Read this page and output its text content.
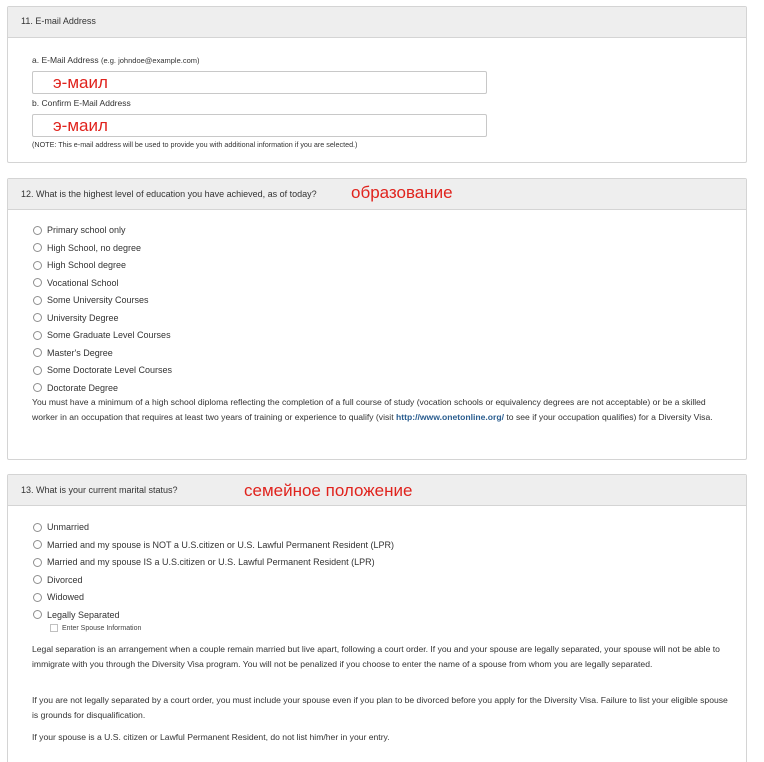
11. E-mail Address
a. E-Mail Address (e.g. johndoe@example.com)
э-маил
b. Confirm E-Mail Address
э-маил
(NOTE: This e-mail address will be used to provide you with additional information if you are selected.)
12. What is the highest level of education you have achieved, as of today? образование
Primary school only
High School, no degree
High School degree
Vocational School
Some University Courses
University Degree
Some Graduate Level Courses
Master's Degree
Some Doctorate Level Courses
Doctorate Degree
You must have a minimum of a high school diploma reflecting the completion of a full course of study (vocation schools or equivalency degrees are not acceptable) or be a skilled worker in an occupation that requires at least two years of training or experience to qualify (visit http://www.onetonline.org/ to see if your occupation qualifies) for a Diversity Visa.
13. What is your current marital status?	семейное положение
Unmarried
Married and my spouse is NOT a U.S.citizen or U.S. Lawful Permanent Resident (LPR)
Married and my spouse IS a U.S.citizen or U.S. Lawful Permanent Resident (LPR)
Divorced
Widowed
Legally Separated
Enter Spouse Information
Legal separation is an arrangement when a couple remain married but live apart, following a court order. If you and your spouse are legally separated, your spouse will not be able to immigrate with you through the Diversity Visa program. You will not be penalized if you choose to enter the name of a spouse from whom you are legally separated.
If you are not legally separated by a court order, you must include your spouse even if you plan to be divorced before you apply for the Diversity Visa. Failure to list your eligible spouse is grounds for disqualification.
If your spouse is a U.S. citizen or Lawful Permanent Resident, do not list him/her in your entry.
